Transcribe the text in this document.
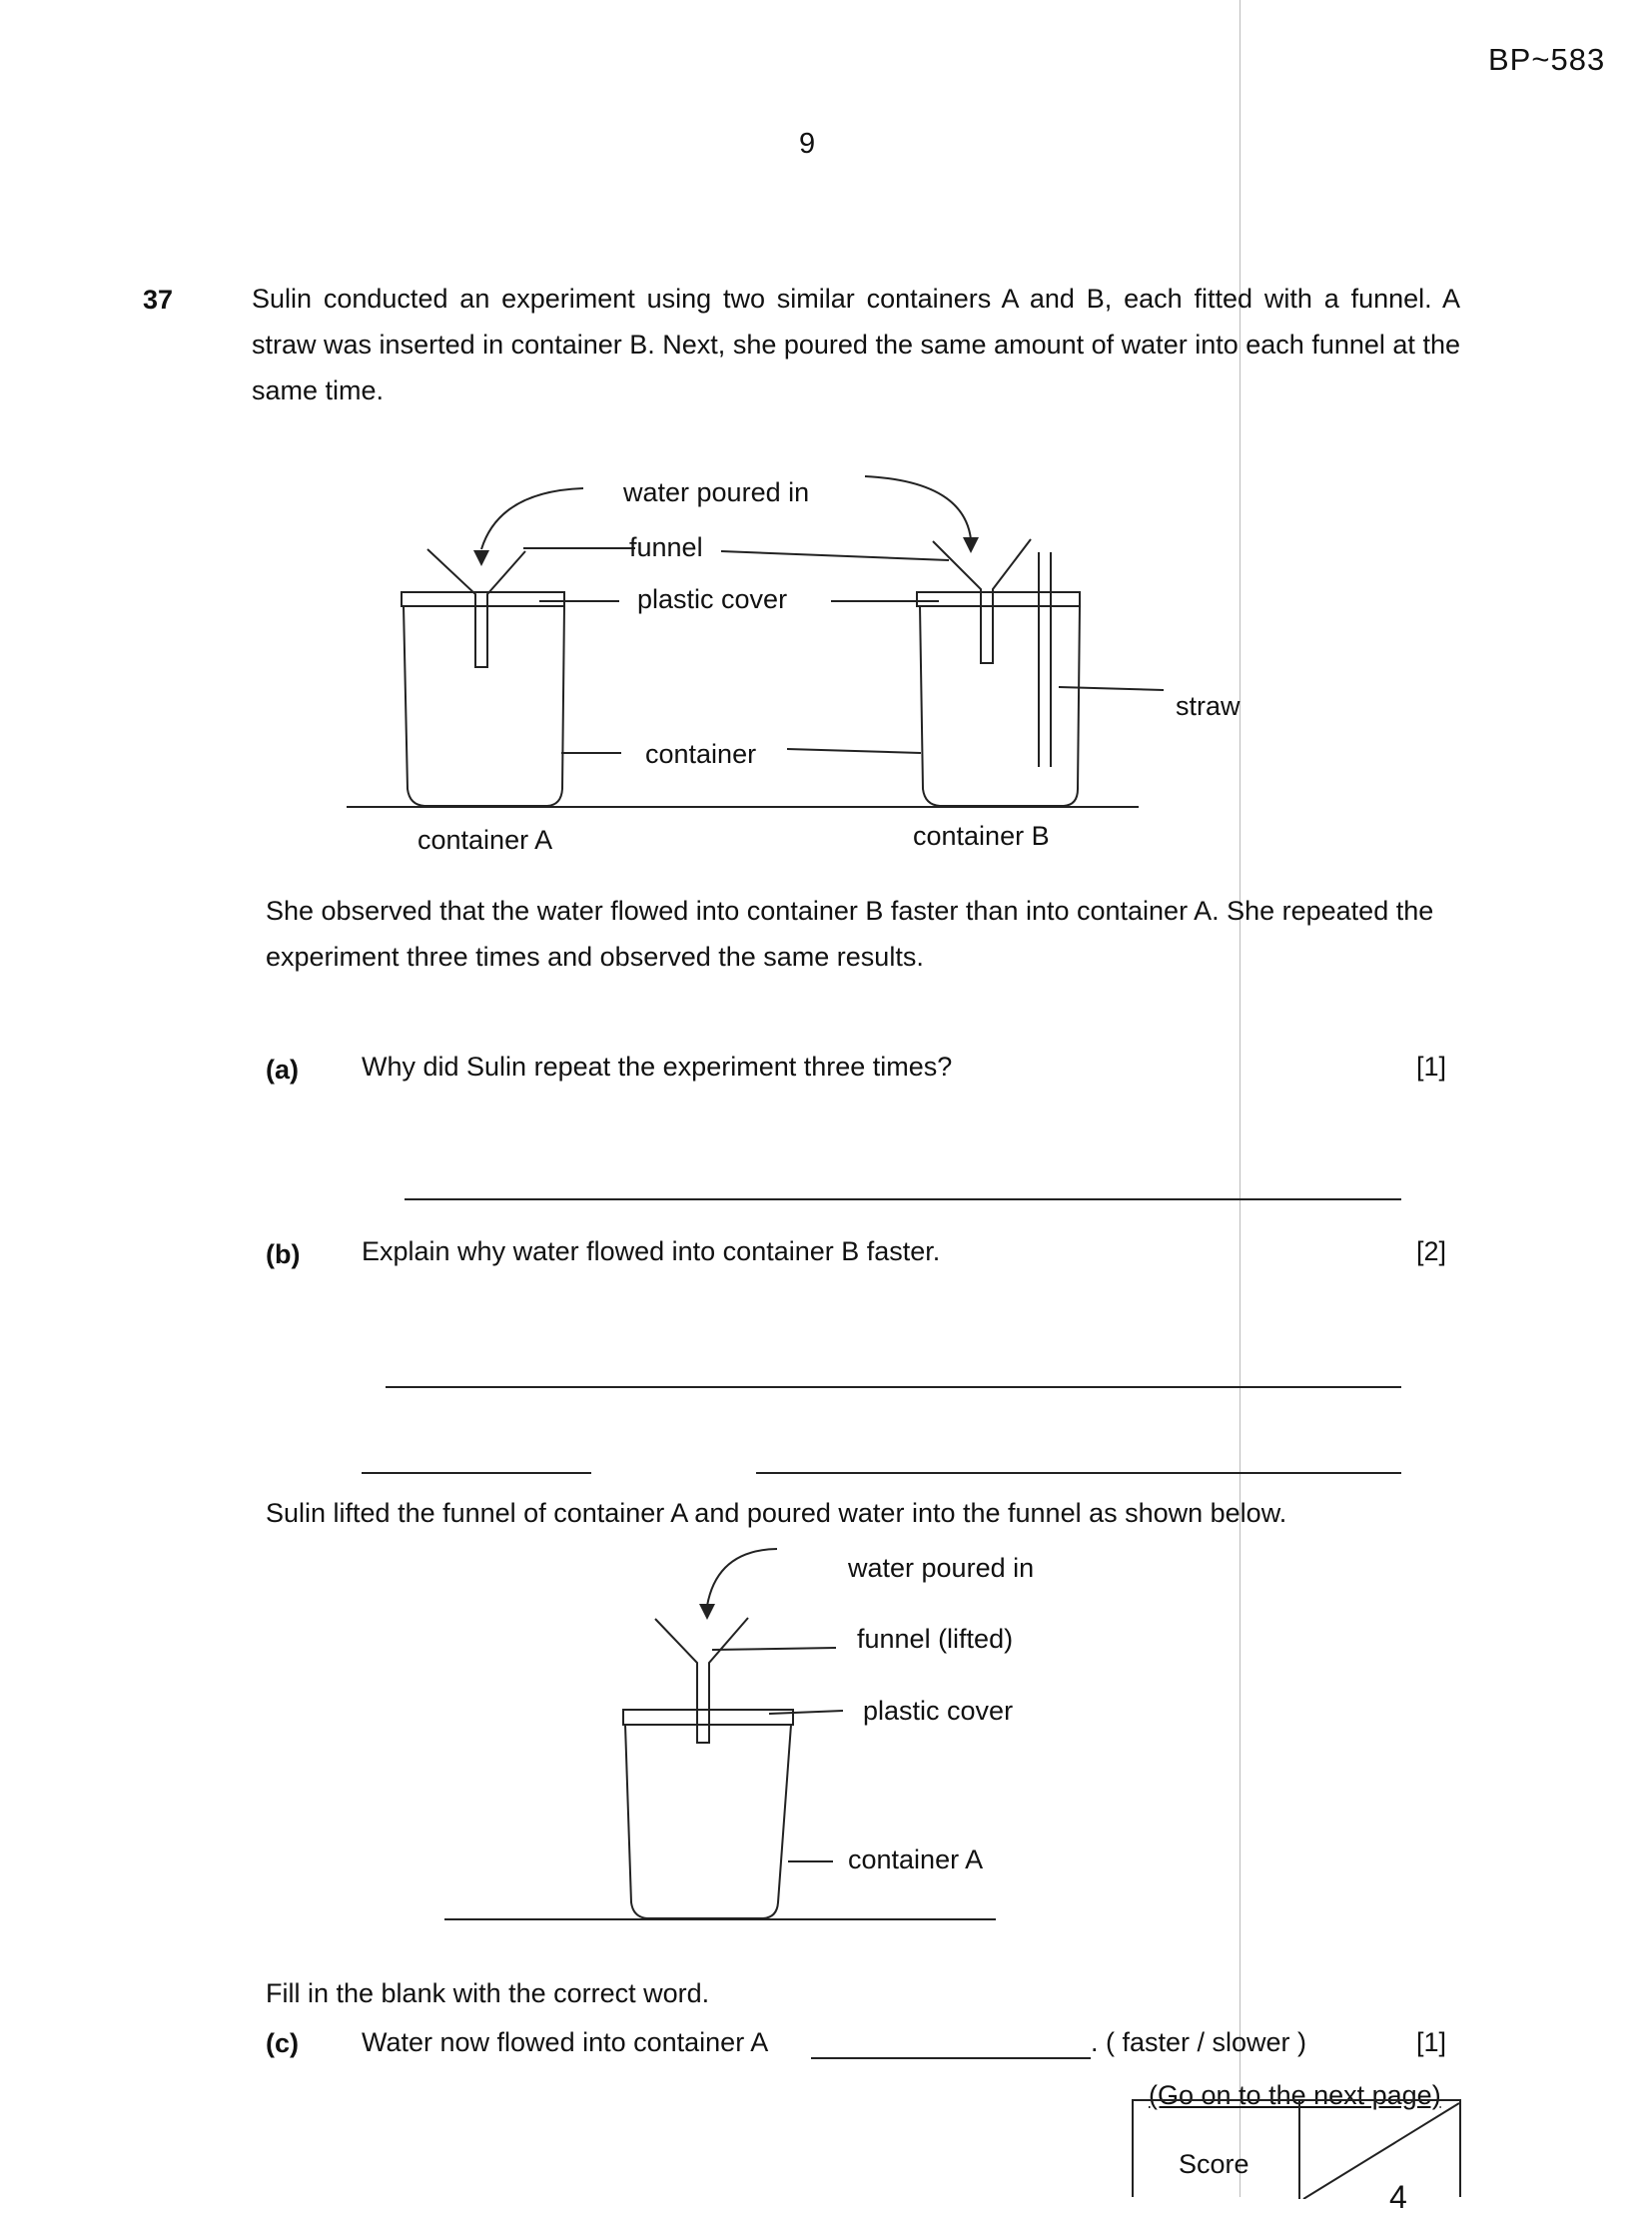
BP~583
9
37	Sulin conducted an experiment using two similar containers A and B, each fitted with a funnel. A straw was inserted in container B. Next, she poured the same amount of water into each funnel at the same time.
water poured in
funnel
plastic cover
container
straw
container A	container B
She observed that the water flowed into container B faster than into container A. She repeated the experiment three times and observed the same results.
(a) Why did Sulin repeat the experiment three times?	[1]
(b) Explain why water flowed into container B faster.	[2]
Sulin lifted the funnel of container A and poured water into the funnel as shown below.
water poured in
funnel (lifted)
plastic cover
container A
Fill in the blank with the correct word.
(c) Water now flowed into container A	. ( faster / slower )	[1]
(Go on to the next page)
Score
4
